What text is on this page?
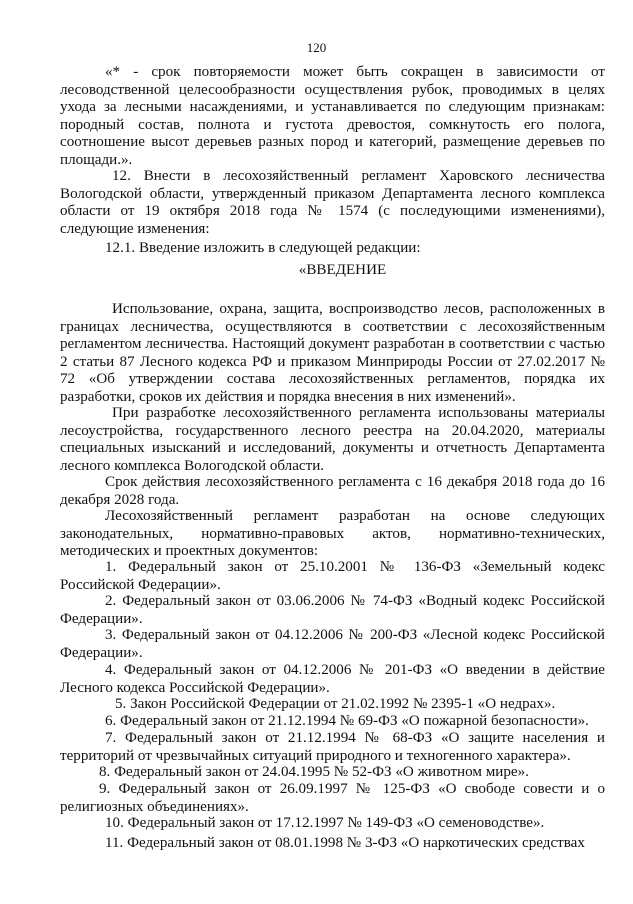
120

«* - срок повторяемости может быть сокращен в зависимости от лесоводственной целесообразности осуществления рубок, проводимых в целях ухода за лесными насаждениями, и устанавливается по следующим признакам: породный состав, полнота и густота древостоя, сомкнутость его полога, соотношение высот деревьев разных пород и категорий, размещение деревьев по площади.».

12. Внести в лесохозяйственный регламент Харовского лесничества Вологодской области, утвержденный приказом Департамента лесного комплекса области от 19 октября 2018 года № 1574 (с последующими изменениями), следующие изменения:

12.1. Введение изложить в следующей редакции:

«ВВЕДЕНИЕ

Использование, охрана, защита, воспроизводство лесов, расположенных в границах лесничества, осуществляются в соответствии с лесохозяйственным регламентом лесничества. Настоящий документ разработан в соответствии с частью 2 статьи 87 Лесного кодекса РФ и приказом Минприроды России от 27.02.2017 № 72 «Об утверждении состава лесохозяйственных регламентов, порядка их разработки, сроков их действия и порядка внесения в них изменений».

При разработке лесохозяйственного регламента использованы материалы лесоустройства, государственного лесного реестра на 20.04.2020, материалы специальных изысканий и исследований, документы и отчетность Департамента лесного комплекса Вологодской области.

Срок действия лесохозяйственного регламента с 16 декабря 2018 года до 16 декабря 2028 года.

Лесохозяйственный регламент разработан на основе следующих законодательных, нормативно-правовых актов, нормативно-технических, методических и проектных документов:

1. Федеральный закон от 25.10.2001 № 136-ФЗ «Земельный кодекс Российской Федерации».

2. Федеральный закон от 03.06.2006 № 74-ФЗ «Водный кодекс Российской Федерации».

3. Федеральный закон от 04.12.2006 № 200-ФЗ «Лесной кодекс Российской Федерации».

4. Федеральный закон от 04.12.2006 № 201-ФЗ «О введении в действие Лесного кодекса Российской Федерации».

5. Закон Российской Федерации от 21.02.1992 № 2395-1 «О недрах».

6. Федеральный закон от 21.12.1994 № 69-ФЗ «О пожарной безопасности».

7. Федеральный закон от 21.12.1994 № 68-ФЗ «О защите населения и территорий от чрезвычайных ситуаций природного и техногенного характера».

8. Федеральный закон от 24.04.1995 № 52-ФЗ «О животном мире».

9. Федеральный закон от 26.09.1997 № 125-ФЗ «О свободе совести и о религиозных объединениях».

10. Федеральный закон от 17.12.1997 № 149-ФЗ «О семеноводстве».

11. Федеральный закон от 08.01.1998 № 3-ФЗ «О наркотических средствах
